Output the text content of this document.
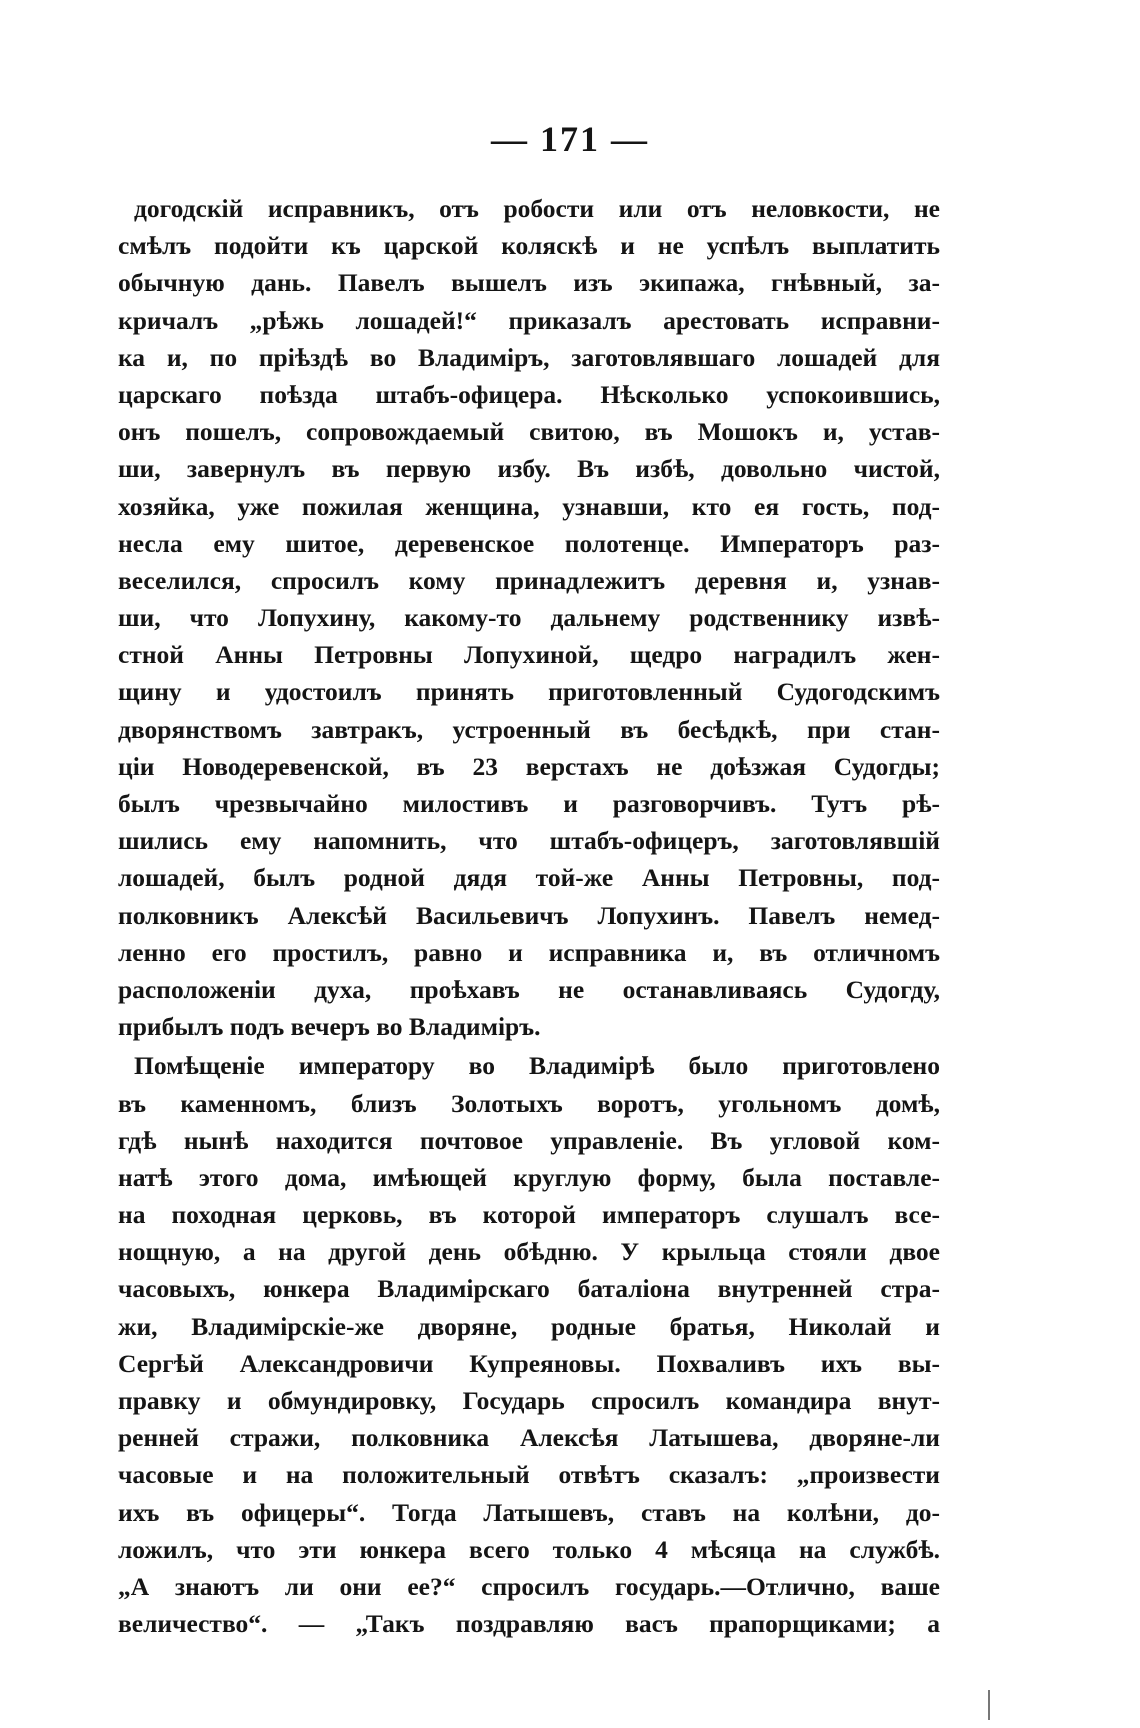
— 171 —
догодскій исправникъ, отъ робости или отъ неловкости, не
смѣлъ подойти къ царской коляскѣ и не успѣлъ выплатить
обычную дань. Павелъ вышелъ изъ экипажа, гнѣвный, за-
кричалъ „рѣжь лошадей!“ приказалъ арестовать исправни-
ка и, по пріѣздѣ во Владиміръ, заготовлявшаго лошадей для
царскаго поѣзда штабъ-офицера. Нѣсколько успокоившись,
онъ пошелъ, сопровождаемый свитою, въ Мошокъ и, устав-
ши, завернулъ въ первую избу. Въ избѣ, довольно чистой,
хозяйка, уже пожилая женщина, узнавши, кто ея гость, под-
несла ему шитое, деревенское полотенце. Императоръ раз-
веселился, спросилъ кому принадлежитъ деревня и, узнав-
ши, что Лопухину, какому-то дальнему родственнику извѣ-
стной Анны Петровны Лопухиной, щедро наградилъ жен-
щину и удостоилъ принять приготовленный Судогодскимъ
дворянствомъ завтракъ, устроенный въ бесѣдкѣ, при стан-
ціи Новодеревенской, въ 23 верстахъ не доѣзжая Судогды;
былъ чрезвычайно милостивъ и разговорчивъ. Тутъ рѣ-
шились ему напомнить, что штабъ-офицеръ, заготовлявшій
лошадей, былъ родной дядя той-же Анны Петровны, под-
полковникъ Алексѣй Васильевичъ Лопухинъ. Павелъ немед-
ленно его простилъ, равно и исправника и, въ отличномъ
расположеніи духа, проѣхавъ не останавливаясь Судогду,
прибылъ подъ вечеръ во Владиміръ.
Помѣщеніе императору во Владимірѣ было приготовлено
въ каменномъ, близъ Золотыхъ воротъ, угольномъ домѣ,
гдѣ нынѣ находится почтовое управленіе. Въ угловой ком-
натѣ этого дома, имѣющей круглую форму, была поставле-
на походная церковь, въ которой императоръ слушалъ все-
нощную, а на другой день обѣдню. У крыльца стояли двое
часовыхъ, юнкера Владимірскаго баталіона внутренней стра-
жи, Владимірскіе-же дворяне, родные братья, Николай и
Сергѣй Александровичи Купреяновы. Похваливъ ихъ вы-
правку и обмундировку, Государь спросилъ командира внут-
ренней стражи, полковника Алексѣя Латышева, дворяне-ли
часовые и на положительный отвѣтъ сказалъ: „произвести
ихъ въ офицеры“. Тогда Латышевъ, ставъ на колѣни, до-
ложилъ, что эти юнкера всего только 4 мѣсяца на службѣ.
„А знаютъ ли они ее?“ спросилъ государь.—Отлично, ваше
величество“. — „Такъ поздравляю васъ прапорщиками; а
